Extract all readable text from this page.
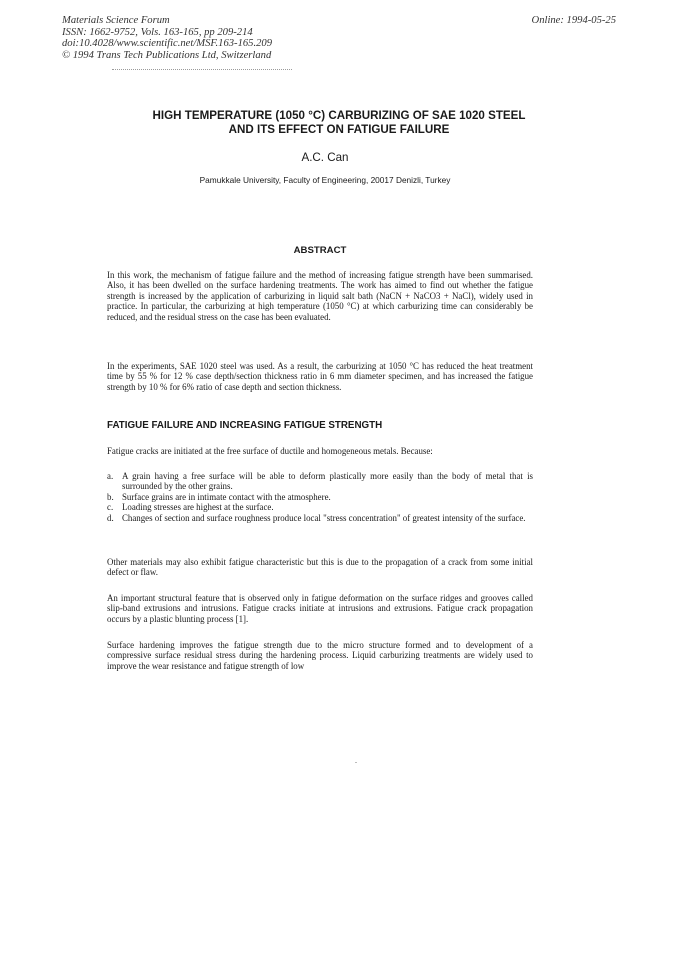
Materials Science Forum
ISSN: 1662-9752, Vols. 163-165, pp 209-214
doi:10.4028/www.scientific.net/MSF.163-165.209
© 1994 Trans Tech Publications Ltd, Switzerland
Online: 1994-05-25
HIGH TEMPERATURE (1050 °C) CARBURIZING OF SAE 1020 STEEL
AND ITS EFFECT ON FATIGUE FAILURE
A.C. Can
Pamukkale University, Faculty of Engineering, 20017 Denizli, Turkey
ABSTRACT

In this work, the mechanism of fatigue failure and the method of increasing fatigue strength have been summarised. Also, it has been dwelled on the surface hardening treatments. The work has aimed to find out whether the fatigue strength is increased by the application of carburizing in liquid salt bath (NaCN + NaCO3 + NaCl), widely used in practice. In particular, the carburizing at high temperature (1050 °C) at which carburizing time can considerably be reduced, and the residual stress on the case has been evaluated.

In the experiments, SAE 1020 steel was used. As a result, the carburizing at 1050 °C has reduced the heat treatment time by 55 % for 12 % case depth/section thickness ratio in 6 mm diameter specimen, and has increased the fatigue strength by 10 % for 6% ratio of case depth and section thickness.

FATIGUE FAILURE AND INCREASING FATIGUE STRENGTH

Fatigue cracks are initiated at the free surface of ductile and homogeneous metals. Because:

a. A grain having a free surface will be able to deform plastically more easily than the body of metal that is surrounded by the other grains.
b. Surface grains are in intimate contact with the atmosphere.
c. Loading stresses are highest at the surface.
d. Changes of section and surface roughness produce local "stress concentration" of greatest intensity of the surface.

Other materials may also exhibit fatigue characteristic but this is due to the propagation of a crack from some initial defect or flaw.

An important structural feature that is observed only in fatigue deformation on the surface ridges and grooves called slip-band extrusions and intrusions. Fatigue cracks initiate at intrusions and extrusions. Fatigue crack propagation occurs by a plastic blunting process [1].

Surface hardening improves the fatigue strength due to the micro structure formed and to development of a compressive surface residual stress during the hardening process. Liquid carburizing treatments are widely used to improve the wear resistance and fatigue strength of low
